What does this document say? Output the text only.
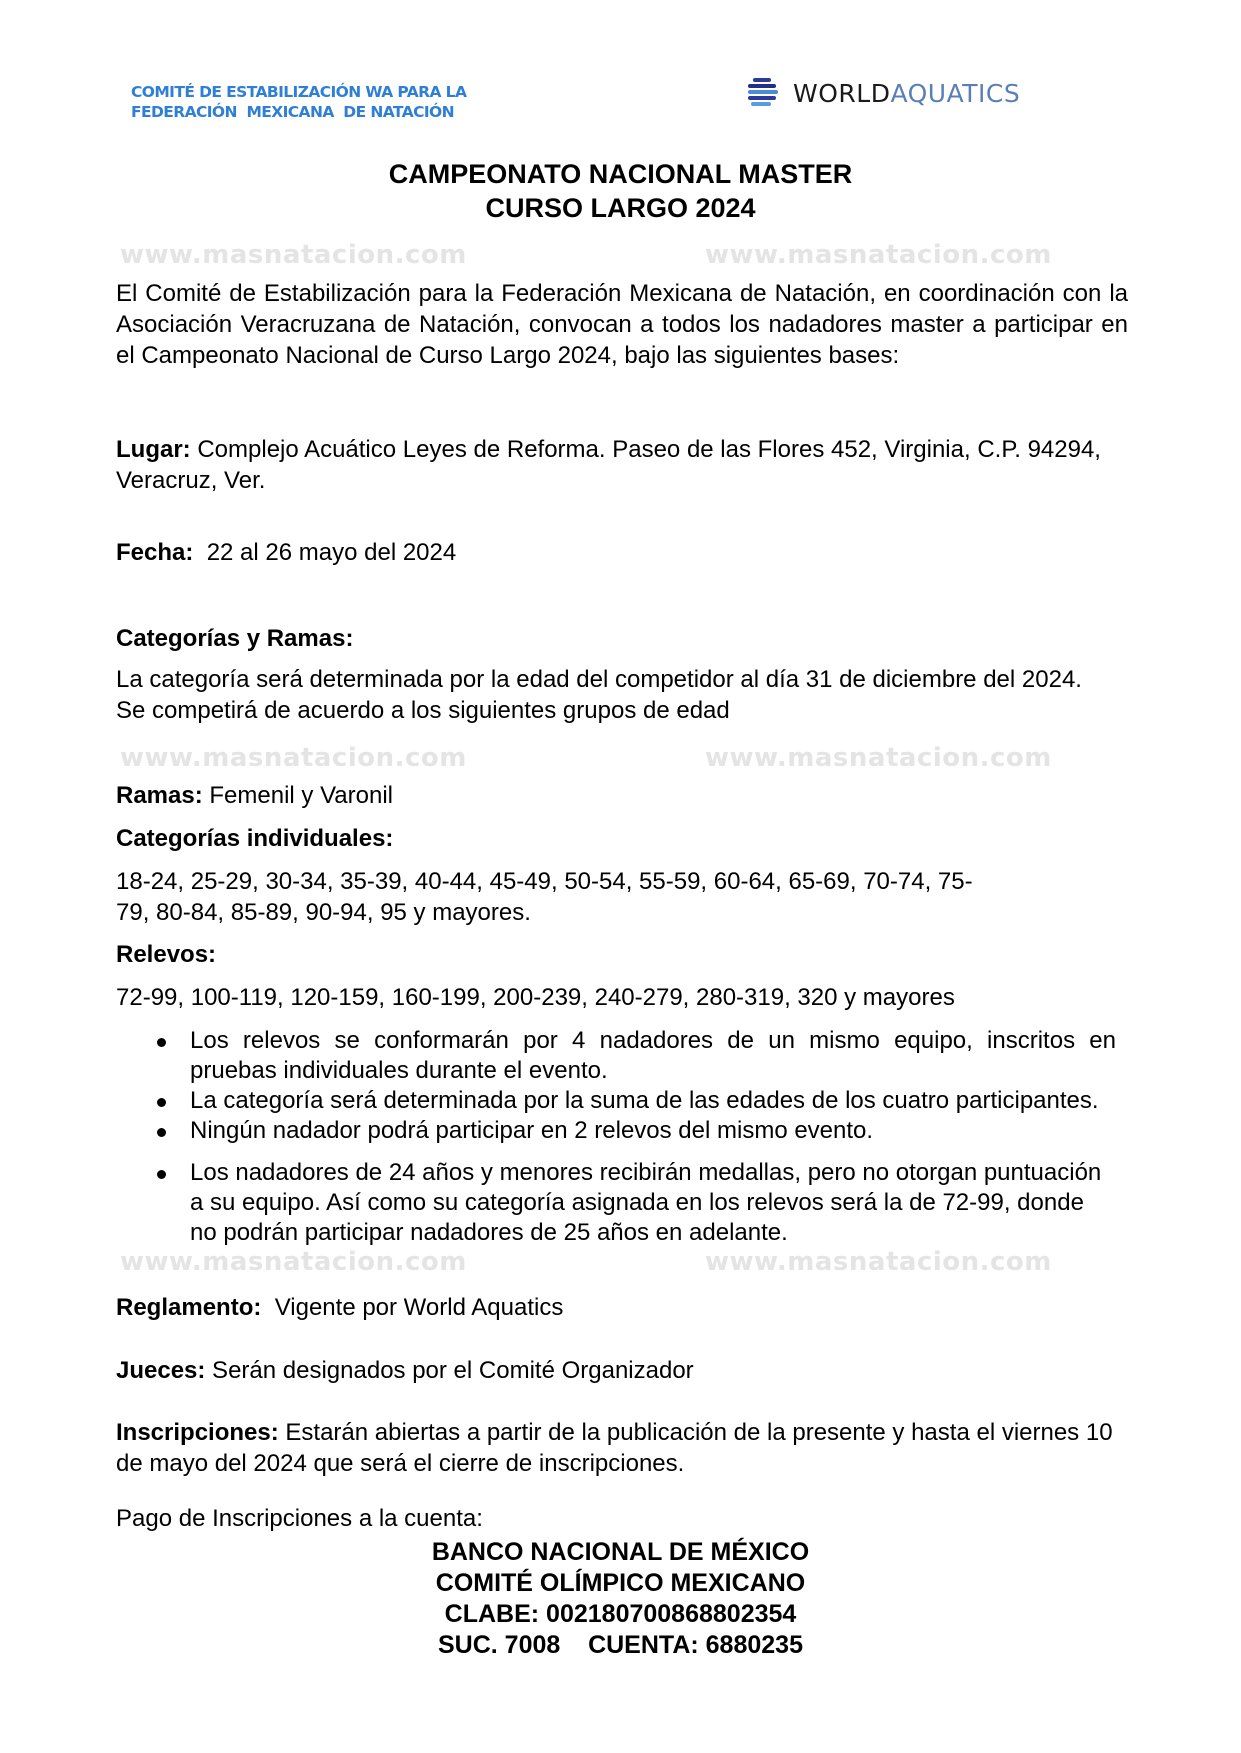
COMITÉ DE ESTABILIZACIÓN WA PARA LA
FEDERACIÓN  MEXICANA  DE NATACIÓN
WORLDAQUATICS
CAMPEONATO NACIONAL MASTER
CURSO LARGO 2024
www.masnatacion.com	www.masnatacion.com
www.masnatacion.com	www.masnatacion.com
www.masnatacion.com	www.masnatacion.com
El Comité de Estabilización para la Federación Mexicana de Natación, en coordinación con la Asociación Veracruzana de Natación, convocan a todos los nadadores master a participar en el Campeonato Nacional de Curso Largo 2024, bajo las siguientes bases:
Lugar: Complejo Acuático Leyes de Reforma. Paseo de las Flores 452, Virginia, C.P. 94294, Veracruz, Ver.
Fecha:  22 al 26 mayo del 2024
Categorías y Ramas:
La categoría será determinada por la edad del competidor al día 31 de diciembre del 2024. Se competirá de acuerdo a los siguientes grupos de edad
Ramas: Femenil y Varonil
Categorías individuales:
18-24, 25-29, 30-34, 35-39, 40-44, 45-49, 50-54, 55-59, 60-64, 65-69, 70-74, 75-
79, 80-84, 85-89, 90-94, 95 y mayores.
Relevos:
72-99, 100-119, 120-159, 160-199, 200-239, 240-279, 280-319, 320 y mayores
Los relevos se conformarán por 4 nadadores de un mismo equipo, inscritos en pruebas individuales durante el evento.
La categoría será determinada por la suma de las edades de los cuatro participantes.
Ningún nadador podrá participar en 2 relevos del mismo evento.
Los nadadores de 24 años y menores recibirán medallas, pero no otorgan puntuación a su equipo. Así como su categoría asignada en los relevos será la de 72-99, donde no podrán participar nadadores de 25 años en adelante.
Reglamento:  Vigente por World Aquatics
Jueces: Serán designados por el Comité Organizador
Inscripciones: Estarán abiertas a partir de la publicación de la presente y hasta el viernes 10 de mayo del 2024 que será el cierre de inscripciones.
Pago de Inscripciones a la cuenta:
BANCO NACIONAL DE MÉXICO
COMITÉ OLÍMPICO MEXICANO
CLABE: 002180700868802354
SUC. 7008    CUENTA: 6880235
